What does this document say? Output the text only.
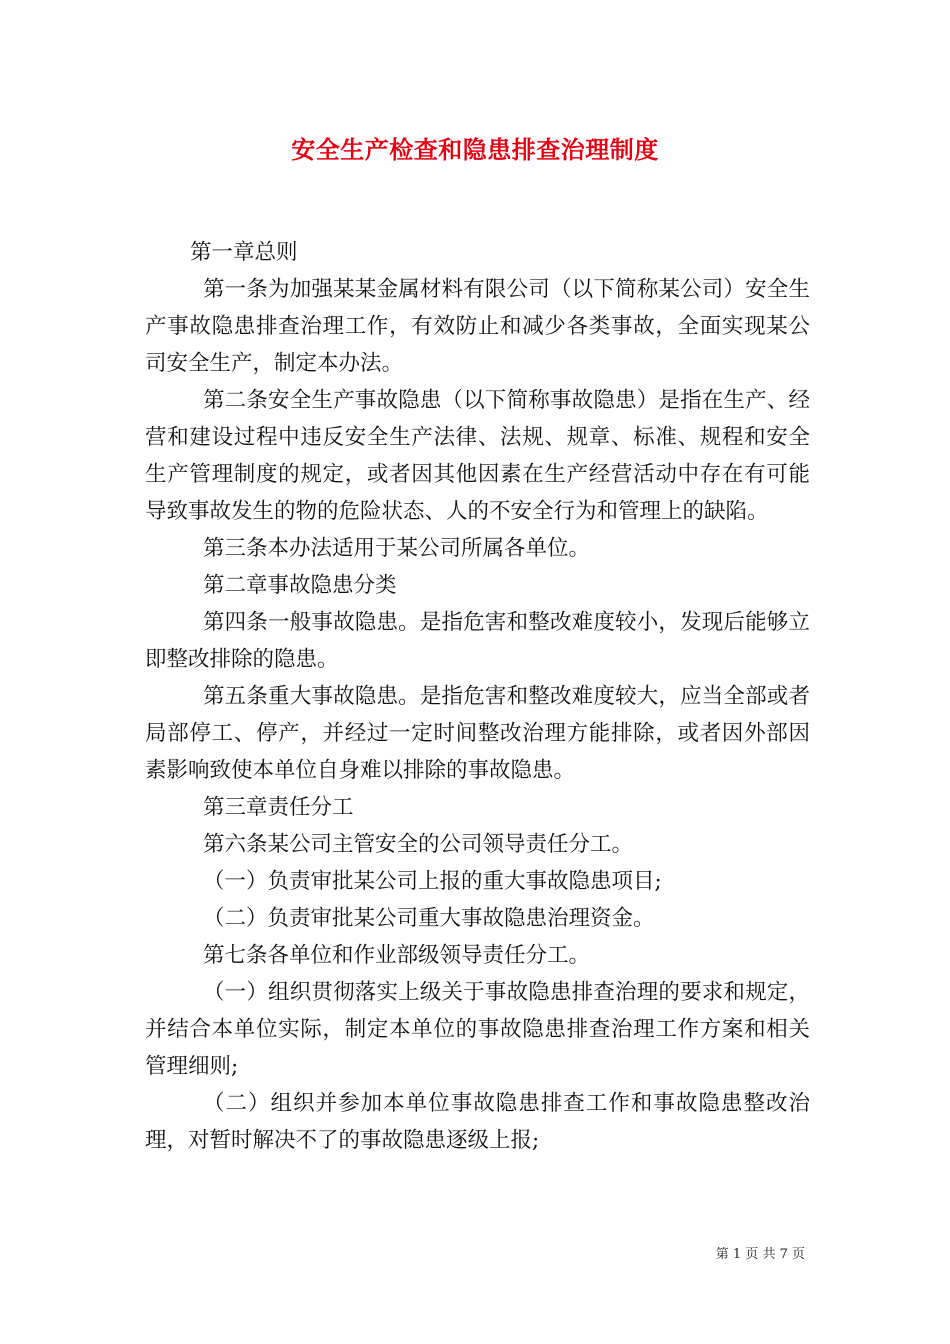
安全生产检查和隐患排查治理制度

第一章总则

第一条为加强某某金属材料有限公司（以下简称某公司）安全生产事故隐患排查治理工作，有效防止和减少各类事故，全面实现某公司安全生产，制定本办法。

第二条安全生产事故隐患（以下简称事故隐患）是指在生产、经营和建设过程中违反安全生产法律、法规、规章、标准、规程和安全生产管理制度的规定，或者因其他因素在生产经营活动中存在有可能导致事故发生的物的危险状态、人的不安全行为和管理上的缺陷。

第三条本办法适用于某公司所属各单位。

第二章事故隐患分类

第四条一般事故隐患。是指危害和整改难度较小，发现后能够立即整改排除的隐患。

第五条重大事故隐患。是指危害和整改难度较大，应当全部或者局部停工、停产，并经过一定时间整改治理方能排除，或者因外部因素影响致使本单位自身难以排除的事故隐患。

第三章责任分工

第六条某公司主管安全的公司领导责任分工。

（一）负责审批某公司上报的重大事故隐患项目;

（二）负责审批某公司重大事故隐患治理资金。

第七条各单位和作业部级领导责任分工。

（一）组织贯彻落实上级关于事故隐患排查治理的要求和规定，并结合本单位实际，制定本单位的事故隐患排查治理工作方案和相关管理细则;

（二）组织并参加本单位事故隐患排查工作和事故隐患整改治理，对暂时解决不了的事故隐患逐级上报;

第 1 页 共 7 页
